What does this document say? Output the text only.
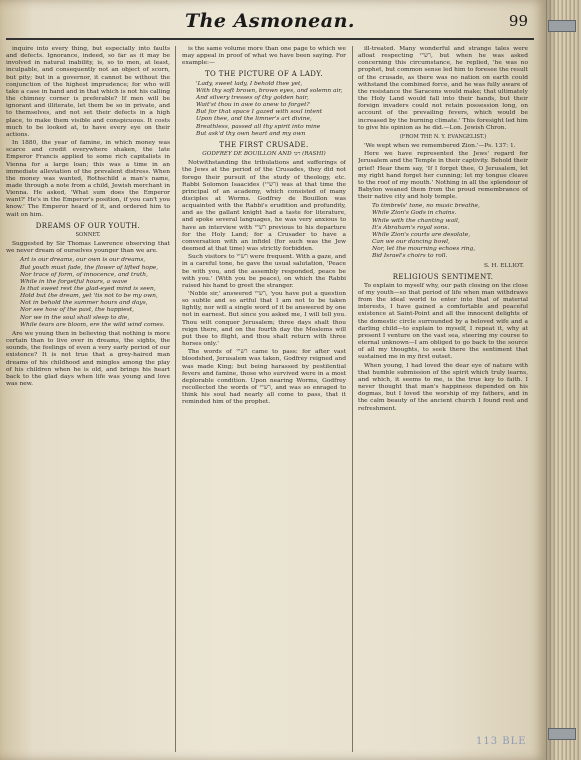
The Asmonean.	99

inquire into every thing, but especially into faults and defects. Ignorance, indeed, so far as it may be involved in natural inability, is, so to men, at least, inculpable, and consequently not an object of scorn, but pity; but in a governor, it cannot be without the conjunction of the highest imprudence; for who will take a case in hand and in that which is not his calling the chimney corner is preferable? If men will be ignorant and illiterate, let them be so in private, and to themselves, and not set their defects in a high place, to make them visible and conspicuous. It costs much to be looked at, to have every eye on their actions.

In 1880, the year of famine, in which money was scarce and credit everywhere shaken, the late Emperor Francis applied to some rich capitalists in Vienna for a large loan; this was a time in an immediate alleviation of the prevalent distress. When the money was wanted, Rothschild a man's name, made through a note from a child, Jewish merchant in Vienna. He asked, 'What sum does the Emperor want?' He's in the Emperor's position, if you can't you know.' The Emperor heard of it, and ordered him to wait on him.

DREAMS OF OUR YOUTH.
SONNET.

Suggested by Sir Thomas Lawrence observing that we never dream of ourselves younger than we are.

Art is our dreams, our own is our dreams,
But youth must fade, the flower of lifted hope,
Nor trace of form, of innocence, and truth,
While in the forgetful hours, a wave
Is that sweet rest the glad-eyed mind is seen,
Hold but the dream, yet 'tis not to be my own,
Not in behold the summer hours and days,
Nor see how of the past, the happiest,
Nor we in the soul shall sleep to die,
While tears are bloom, ere the wild wind comes.

Are we young then in believing that nothing is more certain than to live over in dreams, the sights, the sounds, the feelings of even a very early period of our existence? It is not true that a grey-haired man dreams of his childhood and mingles among the play of his children when he is old, and brings his heart back to the glad days when life was young and love was new.

is the same volume more than one page to which we may appeal in proof of what we have been saying. For example:—

TO THE PICTURE OF A LADY.
'Lady, sweet lady, I behold thee yet,
With thy soft brown, brown eyes, and solemn air,
And silvery tresses of thy golden hair,
Wait'st thou in awe to anew to forget?
But for that space I gazed with soul intent
Upon thee, and the limner's art divine,
Breathless, passed all thy spirit into mine
But ask'd thy own heart and my own
THE FIRST CRUSADE.
GODFREY DE BOUILLON AND רבי (RASHI)

Notwithstanding the tribulations and sufferings of the Jews at the period of the Crusades, they did not forego their pursuit of the study of theology, etc. Rabbi Solomon Isaacides (רש"י) was at that time the principal of an academy, which consisted of many disciples at Worms. Godfrey de Bouillon was acquainted with the Rabbi's erudition and profundity, and as the gallant knight had a taste for literature, and spoke several languages, he was very anxious to have an interview with רש"י previous to his departure for the Holy Land; for a Crusader to have a conversation with an infidel (for such was the Jew deemed at that time) was strictly forbidden.

Such visitors to רש"י were frequent. With a gaze, and in a careful tone, he gave the usual salutation, 'Peace be with you, and the assembly responded, peace be with you.' (With you be peace), on which the Rabbi raised his hand to greet the stranger.

'Noble sir,' answered רש"י, 'you have put a question so subtle and so artful that I am not to be taken lightly, nor will a single word of it be answered by one not in earnest. But since you asked me, I will tell you. Thou wilt conquer Jerusalem; three days shalt thou reign there, and on the fourth day the Moslems will put thee to flight, and thou shalt return with three horses only.'

The words of רש"י came to pass: for after vast bloodshed, Jerusalem was taken, Godfrey reigned and was made King; but being harassed by pestilential fevers and famine, those who survived were in a most deplorable condition. Upon nearing Worms, Godfrey recollected the words of רש"י, and was so enraged to think his soul had nearly all come to pass, that it reminded him of the prophet.

ill-treated. Many wonderful and strange tales were afloat respecting רש"י, but when he was asked concerning this circumstance, he replied, 'he was no prophet, but common sense led him to foresee the result of the crusade, as there was no nation on earth could withstand the combined force, and he was fully aware of the resistance the Saracens would make; that ultimately the Holy Land would fall into their hands, but their foreign invaders could not retain possession long, on account of the prevailing fevers, which would be increased by the burning climate.' This foresight led him to give his opinion as he did.—Lon. Jewish Chron.

(FROM THE N. Y. EVANGELIST.)

'We wept when we remembered Zion.'—Ps. 137: 1.

Here we have represented the Jews' regard for Jerusalem and the Temple in their captivity. Behold their grief! Hear them say, 'If I forget thee, O Jerusalem, let my right hand forget her cunning; let my tongue cleave to the roof of my mouth.' Nothing in all the splendour of Babylon weaned them from the proud remembrance of their native city and holy temple.

To timbrels' tone, no music breathe,
While Zion's Gods in chains.
While with the chanting wail,
It's Abraham's royal sons.
While Zion's courts are desolate,
Can we our dancing bowl,
Nor, let the mourning echoes ring,
Bid Israel's choirs to roll.
S. H. ELLIOT.
RELIGIOUS SENTIMENT.

To explain to myself why, our path closing on the close of my youth—so that period of life when man withdraws from the ideal world to enter into that of material interests, I have gained a comfortable and peaceful existence at Saint-Point and all the innocent delights of the domestic circle surrounded by a beloved wife and a darling child—to explain to myself, I repeat it, why at present I venture on the vast sea, steering my course to eternal unknown—I am obliged to go back to the source of all my thoughts, to seek there the sentiment that sustained me in my first outset.

When young, I had loved the dear eye of nature with that humble submission of the spirit which truly learns, and which, it seems to me, is the true key to faith. I never thought that man's happiness depended on his dogmas, but I loved the worship of my fathers, and in the calm beauty of the ancient church I found rest and refreshment.

113 BLE
